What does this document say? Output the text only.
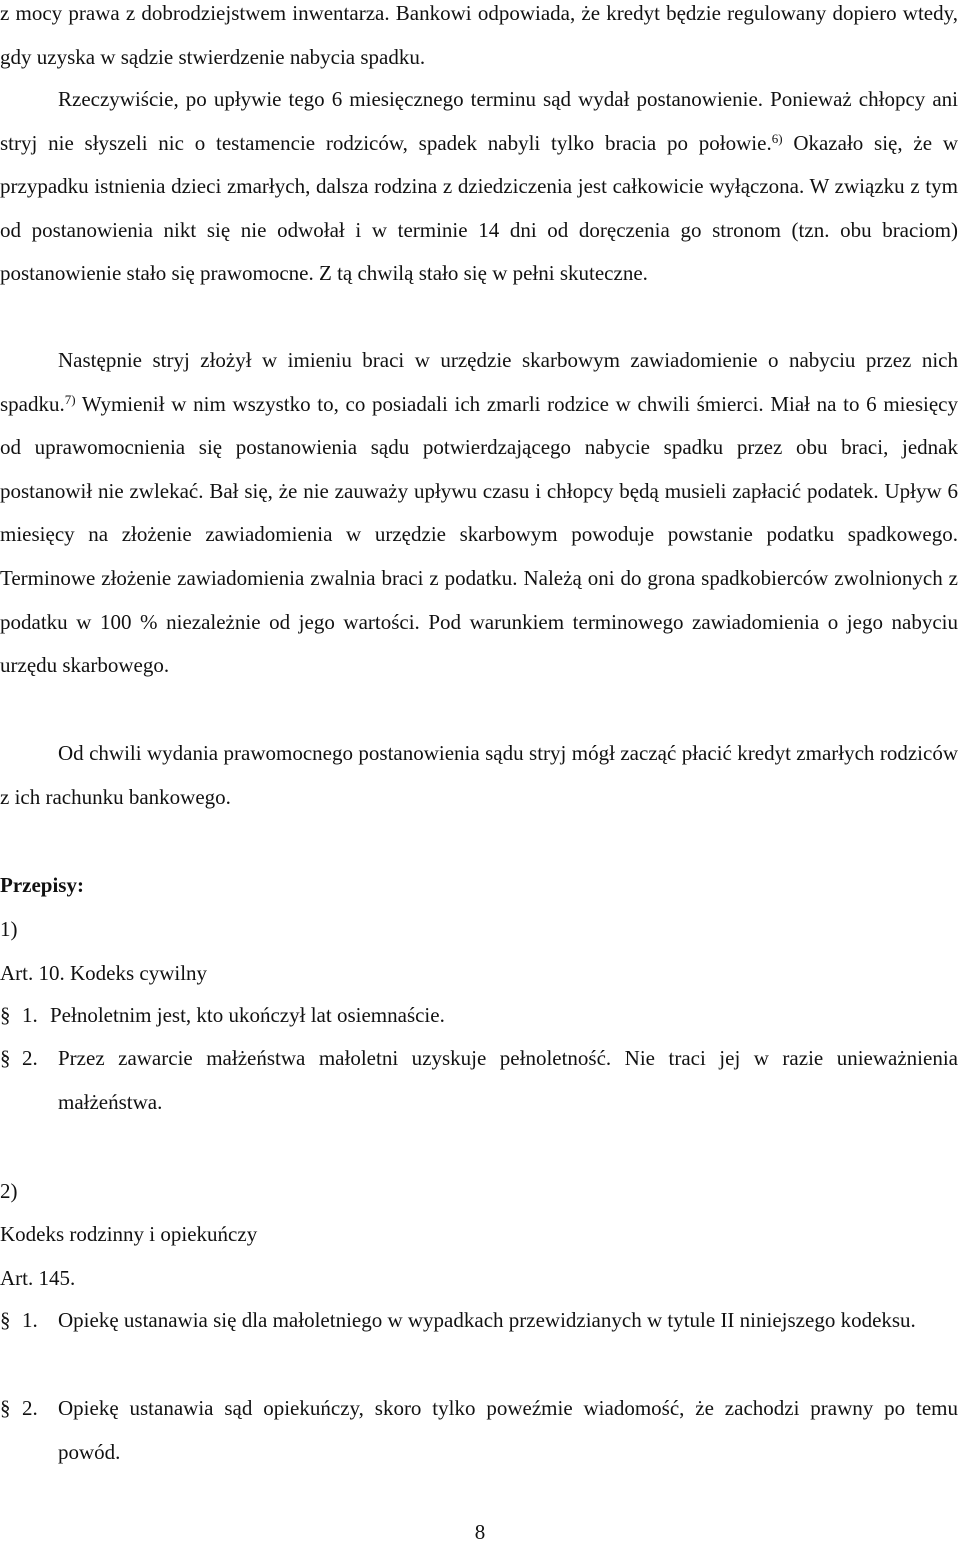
z mocy prawa z dobrodziejstwem inwentarza. Bankowi odpowiada, że kredyt będzie regulowany dopiero wtedy, gdy uzyska w sądzie stwierdzenie nabycia spadku.

Rzeczywiście, po upływie tego 6 miesięcznego terminu sąd wydał postanowienie. Ponieważ chłopcy ani stryj nie słyszeli nic o testamencie rodziców, spadek nabyli tylko bracia po połowie.$^{6)}$ Okazało się, że w przypadku istnienia dzieci zmarłych, dalsza rodzina z dziedziczenia jest całkowicie wyłączona. W związku z tym od postanowienia nikt się nie odwołał i w terminie 14 dni od doręczenia go stronom (tzn. obu braciom) postanowienie stało się prawomocne. Z tą chwilą stało się w pełni skuteczne.

Następnie stryj złożył w imieniu braci w urzędzie skarbowym zawiadomienie o nabyciu przez nich spadku.$^{7)}$ Wymienił w nim wszystko to, co posiadali ich zmarli rodzice w chwili śmierci. Miał na to 6 miesięcy od uprawomocnienia się postanowienia sądu potwierdzającego nabycie spadku przez obu braci, jednak postanowił nie zwlekać. Bał się, że nie zauważy upływu czasu i chłopcy będą musieli zapłacić podatek. Upływ 6 miesięcy na złożenie zawiadomienia w urzędzie skarbowym powoduje powstanie podatku spadkowego. Terminowe złożenie zawiadomienia zwalnia braci z podatku. Należą oni do grona spadkobierców zwolnionych z podatku w 100 % niezależnie od jego wartości. Pod warunkiem terminowego zawiadomienia o jego nabyciu urzędu skarbowego.

Od chwili wydania prawomocnego postanowienia sądu stryj mógł zacząć płacić kredyt zmarłych rodziców z ich rachunku bankowego.

Przepisy:
1)
Art. 10. Kodeks cywilny
§ 1. Pełnoletnim jest, kto ukończył lat osiemnaście.

§ 2. Przez zawarcie małżeństwa małoletni uzyskuje pełnoletność. Nie traci jej w razie unieważnienia małżeństwa.

2)
Kodeks rodzinny i opiekuńczy
Art. 145.
§ 1. Opiekę ustanawia się dla małoletniego w wypadkach przewidzianych w tytule II niniejszego kodeksu.

§ 2. Opiekę ustanawia sąd opiekuńczy, skoro tylko poweźmie wiadomość, że zachodzi prawny po temu powód.

8
